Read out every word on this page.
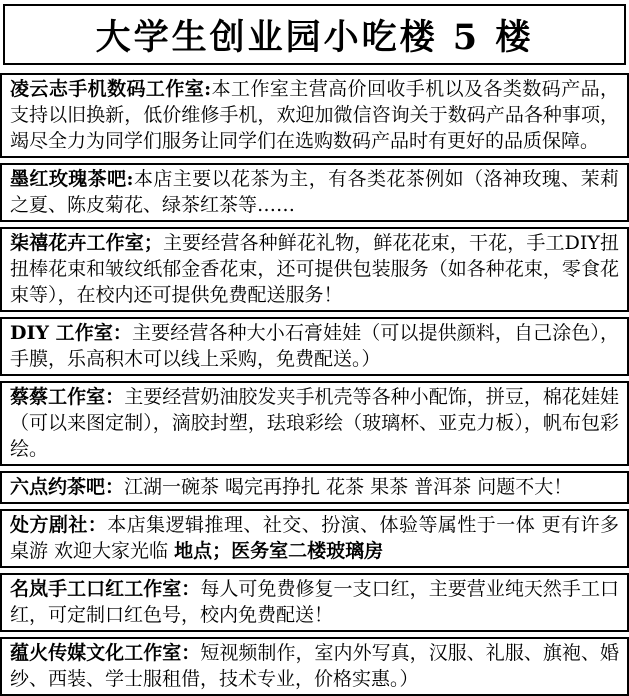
大学生创业园小吃楼 5 楼
凌云志手机数码工作室:本工作室主营高价回收手机以及各类数码产品，支持以旧换新，低价维修手机，欢迎加微信咨询关于数码产品各种事项，竭尽全力为同学们服务让同学们在选购数码产品时有更好的品质保障。
墨红玫瑰茶吧:本店主要以花茶为主，有各类花茶例如（洛神玫瑰、茉莉之夏、陈皮菊花、绿茶红茶等……
柒禧花卉工作室；主要经营各种鲜花礼物，鲜花花束，干花，手工DIY扭扭棒花束和皱纹纸郁金香花束，还可提供包装服务（如各种花束，零食花束等），在校内还可提供免费配送服务！
DIY 工作室：主要经营各种大小石膏娃娃（可以提供颜料，自己涂色），手膜，乐高积木可以线上采购，免费配送。）
蔡蔡工作室：主要经营奶油胶发夹手机壳等各种小配饰，拼豆，棉花娃娃（可以来图定制），滴胶封塑，珐琅彩绘（玻璃杯、亚克力板），帆布包彩绘。
六点约茶吧：江湖一碗茶 喝完再挣扎 花茶 果茶 普洱茶 问题不大！
处方剧社：本店集逻辑推理、社交、扮演、体验等属性于一体 更有许多桌游 欢迎大家光临 地点；医务室二楼玻璃房
名岚手工口红工作室：每人可免费修复一支口红，主要营业纯天然手工口红，可定制口红色号，校内免费配送！
蕴火传媒文化工作室：短视频制作，室内外写真，汉服、礼服、旗袍、婚纱、西装、学士服租借，技术专业，价格实惠。）
